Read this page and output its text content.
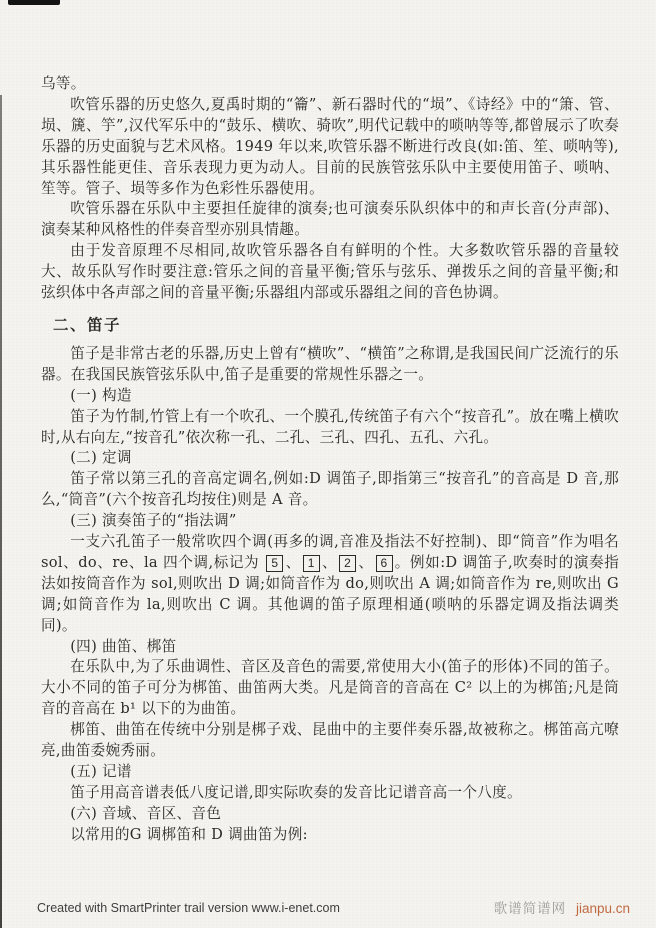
乌等。

吹管乐器的历史悠久,夏禹时期的“籥”、新石器时代的“埙”、《诗经》中的“箫、管、埙、篪、竽”,汉代军乐中的“鼓乐、横吹、骑吹”,明代记载中的唢呐等等,都曾展示了吹奏乐器的历史面貌与艺术风格。1949 年以来,吹管乐器不断进行改良(如:笛、笙、唢呐等),其乐器性能更佳、音乐表现力更为动人。目前的民族管弦乐队中主要使用笛子、唢呐、笙等。管子、埙等多作为色彩性乐器使用。

吹管乐器在乐队中主要担任旋律的演奏;也可演奏乐队织体中的和声长音(分声部)、演奏某种风格性的伴奏音型亦别具情趣。

由于发音原理不尽相同,故吹管乐器各自有鲜明的个性。大多数吹管乐器的音量较大、故乐队写作时要注意:管乐之间的音量平衡;管乐与弦乐、弹拨乐之间的音量平衡;和弦织体中各声部之间的音量平衡;乐器组内部或乐器组之间的音色协调。

二、笛子

笛子是非常古老的乐器,历史上曾有“横吹”、“横笛”之称谓,是我国民间广泛流行的乐器。在我国民族管弦乐队中,笛子是重要的常规性乐器之一。

(一) 构造

笛子为竹制,竹管上有一个吹孔、一个膜孔,传统笛子有六个“按音孔”。放在嘴上横吹时,从右向左,“按音孔”依次称一孔、二孔、三孔、四孔、五孔、六孔。

(二) 定调

笛子常以第三孔的音高定调名,例如:D 调笛子,即指第三“按音孔”的音高是 D 音,那么,“筒音”(六个按音孔均按住)则是 A 音。

(三) 演奏笛子的“指法调”

一支六孔笛子一般常吹四个调(再多的调,音准及指法不好控制)、即“筒音”作为唱名 sol、do、re、la 四个调,标记为 5 、 1 、 2 、 6 。例如:D 调笛子,吹奏时的演奏指法如按筒音作为 sol,则吹出 D 调;如筒音作为 do,则吹出 A 调;如筒音作为 re,则吹出 G 调;如筒音作为 la,则吹出 C 调。其他调的笛子原理相通(唢呐的乐器定调及指法调类同)。

(四) 曲笛、梆笛

在乐队中,为了乐曲调性、音区及音色的需要,常使用大小(笛子的形体)不同的笛子。大小不同的笛子可分为梆笛、曲笛两大类。凡是筒音的音高在 C² 以上的为梆笛;凡是筒音的音高在 b¹ 以下的为曲笛。

梆笛、曲笛在传统中分别是梆子戏、昆曲中的主要伴奏乐器,故被称之。梆笛高亢嘹亮,曲笛委婉秀丽。

(五) 记谱

笛子用高音谱表低八度记谱,即实际吹奏的发音比记谱音高一个八度。

(六) 音域、音区、音色

以常用的G 调梆笛和 D 调曲笛为例:

Created with SmartPrinter trail version www.i-enet.com	歌谱简谱网 jianpu.cn
